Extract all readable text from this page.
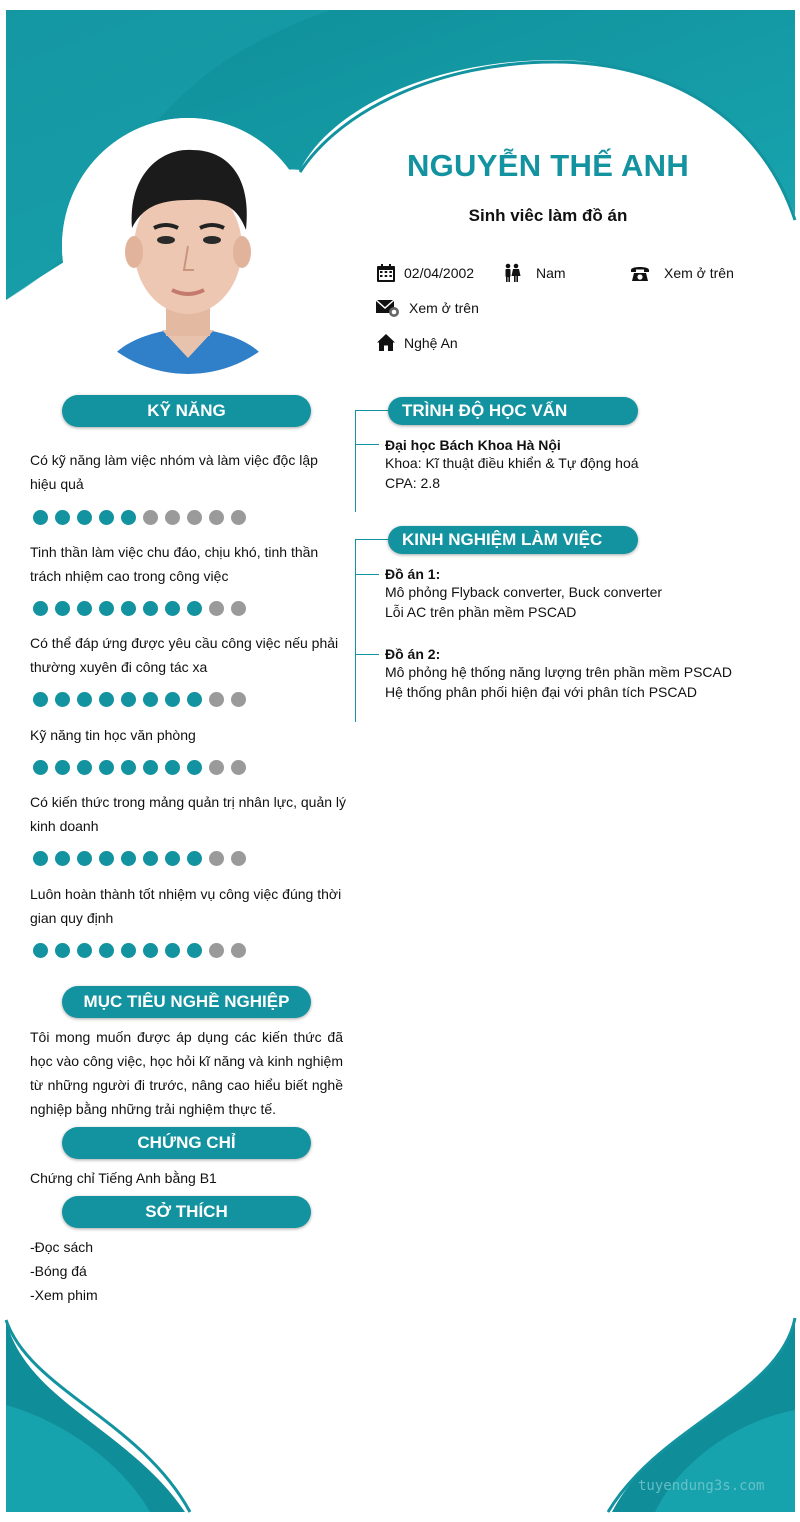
NGUYỄN THẾ ANH
Sinh viêc làm đồ án
02/04/2002	Nam	Xem ở trên
Xem ở trên
Nghệ An
KỸ NĂNG
Có kỹ năng làm việc nhóm và làm việc độc lập hiệu quả
Tinh thần làm việc chu đáo, chịu khó, tinh thần trách nhiệm cao trong công việc
Có thể đáp ứng được yêu cầu công việc nếu phải thường xuyên đi công tác xa
Kỹ năng tin học văn phòng
Có kiến thức trong mảng quản trị nhân lực, quản lý kinh doanh
Luôn hoàn thành tốt nhiệm vụ công việc đúng thời gian quy định
MỤC TIÊU NGHỀ NGHIỆP
Tôi mong muốn được áp dụng các kiến thức đã học vào công việc, học hỏi kĩ năng và kinh nghiệm từ những người đi trước, nâng cao hiểu biết nghề nghiệp bằng những trải nghiệm thực tế.
CHỨNG CHỈ
Chứng chỉ Tiếng Anh bằng B1
SỞ THÍCH
-Đọc sách
-Bóng đá
-Xem phim
TRÌNH ĐỘ HỌC VẤN
Đại học Bách Khoa Hà Nội
Khoa: Kĩ thuật điều khiển & Tự động hoá
CPA: 2.8
KINH NGHIỆM LÀM VIỆC
Đồ án 1:
Mô phỏng Flyback converter, Buck converter
Lỗi AC trên phần mềm PSCAD
Đồ án 2:
Mô phỏng hệ thống năng lượng trên phần mềm PSCAD
Hệ thống phân phối hiện đại với phân tích PSCAD
tuyendung3s.com
